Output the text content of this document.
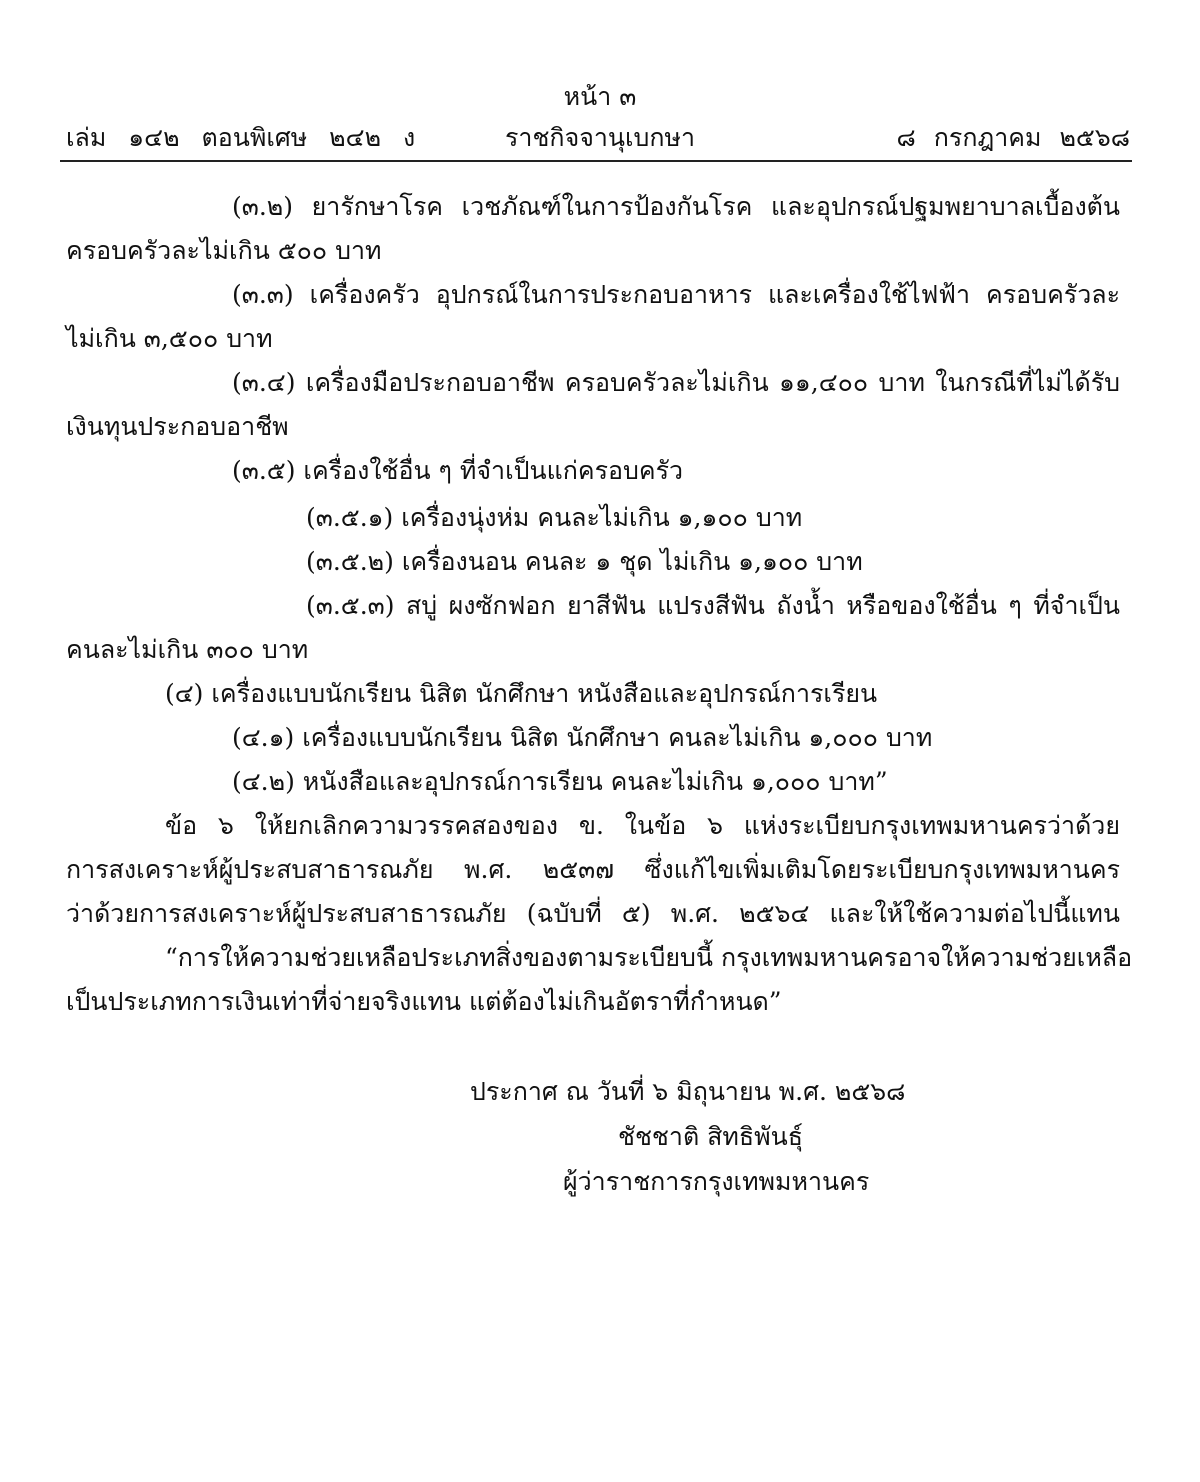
หน้า ๓
เล่ม ๑๔๒ ตอนพิเศษ ๒๔๒ ง	ราชกิจจานุเบกษา	๘ กรกฎาคม ๒๕๖๘
(๓.๒) ยารักษาโรค เวชภัณฑ์ในการป้องกันโรค และอุปกรณ์ปฐมพยาบาลเบื้องต้น
ครอบครัวละไม่เกิน ๕๐๐ บาท
(๓.๓) เครื่องครัว อุปกรณ์ในการประกอบอาหาร และเครื่องใช้ไฟฟ้า ครอบครัวละ
ไม่เกิน ๓,๕๐๐ บาท
(๓.๔) เครื่องมือประกอบอาชีพ ครอบครัวละไม่เกิน ๑๑,๔๐๐ บาท ในกรณีที่ไม่ได้รับ
เงินทุนประกอบอาชีพ
(๓.๕) เครื่องใช้อื่น ๆ ที่จำเป็นแก่ครอบครัว
(๓.๕.๑) เครื่องนุ่งห่ม คนละไม่เกิน ๑,๑๐๐ บาท
(๓.๕.๒) เครื่องนอน คนละ ๑ ชุด ไม่เกิน ๑,๑๐๐ บาท
(๓.๕.๓) สบู่ ผงซักฟอก ยาสีฟัน แปรงสีฟัน ถังน้ำ หรือของใช้อื่น ๆ ที่จำเป็น
คนละไม่เกิน ๓๐๐ บาท
(๔) เครื่องแบบนักเรียน นิสิต นักศึกษา หนังสือและอุปกรณ์การเรียน
(๔.๑) เครื่องแบบนักเรียน นิสิต นักศึกษา คนละไม่เกิน ๑,๐๐๐ บาท
(๔.๒) หนังสือและอุปกรณ์การเรียน คนละไม่เกิน ๑,๐๐๐ บาท”
ข้อ ๖ ให้ยกเลิกความวรรคสองของ ข. ในข้อ ๖ แห่งระเบียบกรุงเทพมหานครว่าด้วย
การสงเคราะห์ผู้ประสบสาธารณภัย พ.ศ. ๒๕๓๗ ซึ่งแก้ไขเพิ่มเติมโดยระเบียบกรุงเทพมหานคร
ว่าด้วยการสงเคราะห์ผู้ประสบสาธารณภัย (ฉบับที่ ๕) พ.ศ. ๒๕๖๔ และให้ใช้ความต่อไปนี้แทน
“การให้ความช่วยเหลือประเภทสิ่งของตามระเบียบนี้ กรุงเทพมหานครอาจให้ความช่วยเหลือ
เป็นประเภทการเงินเท่าที่จ่ายจริงแทน แต่ต้องไม่เกินอัตราที่กำหนด”
ประกาศ ณ วันที่ ๖ มิถุนายน พ.ศ. ๒๕๖๘
ชัชชาติ สิทธิพันธุ์
ผู้ว่าราชการกรุงเทพมหานคร
